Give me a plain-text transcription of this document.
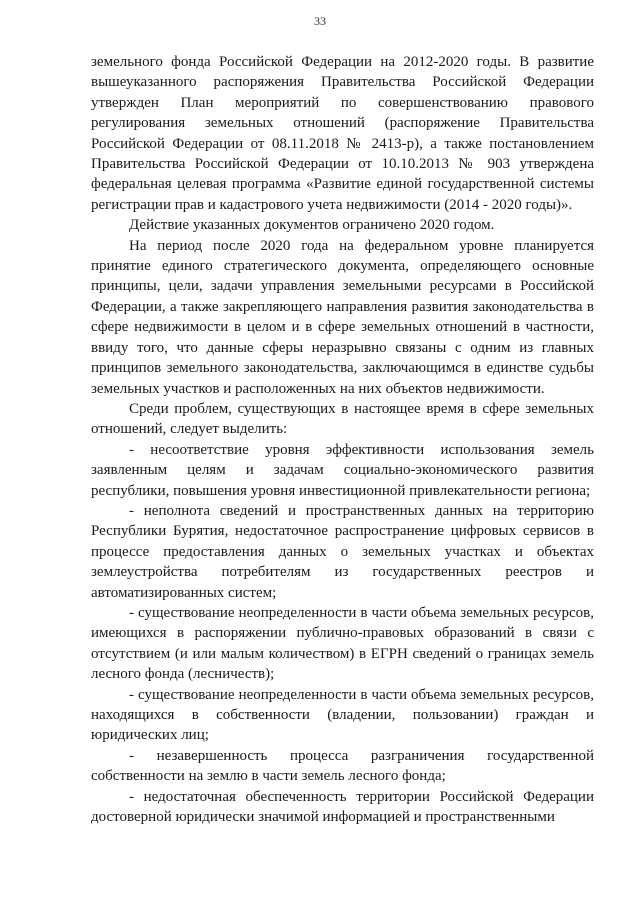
33

земельного фонда Российской Федерации на 2012-2020 годы. В развитие вышеуказанного распоряжения Правительства Российской Федерации утвержден План мероприятий по совершенствованию правового регулирования земельных отношений (распоряжение Правительства Российской Федерации от 08.11.2018 № 2413-р), а также постановлением Правительства Российской Федерации от 10.10.2013 № 903 утверждена федеральная целевая программа «Развитие единой государственной системы регистрации прав и кадастрового учета недвижимости (2014 - 2020 годы)».

Действие указанных документов ограничено 2020 годом.

На период после 2020 года на федеральном уровне планируется принятие единого стратегического документа, определяющего основные принципы, цели, задачи управления земельными ресурсами в Российской Федерации, а также закрепляющего направления развития законодательства в сфере недвижимости в целом и в сфере земельных отношений в частности, ввиду того, что данные сферы неразрывно связаны с одним из главных принципов земельного законодательства, заключающимся в единстве судьбы земельных участков и расположенных на них объектов недвижимости.

Среди проблем, существующих в настоящее время в сфере земельных отношений, следует выделить:

- несоответствие уровня эффективности использования земель заявленным целям и задачам социально-экономического развития республики, повышения уровня инвестиционной привлекательности региона;

- неполнота сведений и пространственных данных на территорию Республики Бурятия, недостаточное распространение цифровых сервисов в процессе предоставления данных о земельных участках и объектах землеустройства потребителям из государственных реестров и автоматизированных систем;

- существование неопределенности в части объема земельных ресурсов, имеющихся в распоряжении публично-правовых образований в связи с отсутствием (и или малым количеством) в ЕГРН сведений о границах земель лесного фонда (лесничеств);

- существование неопределенности в части объема земельных ресурсов, находящихся в собственности (владении, пользовании) граждан и юридических лиц;

- незавершенность процесса разграничения государственной собственности на землю в части земель лесного фонда;

- недостаточная обеспеченность территории Российской Федерации достоверной юридически значимой информацией и пространственными
